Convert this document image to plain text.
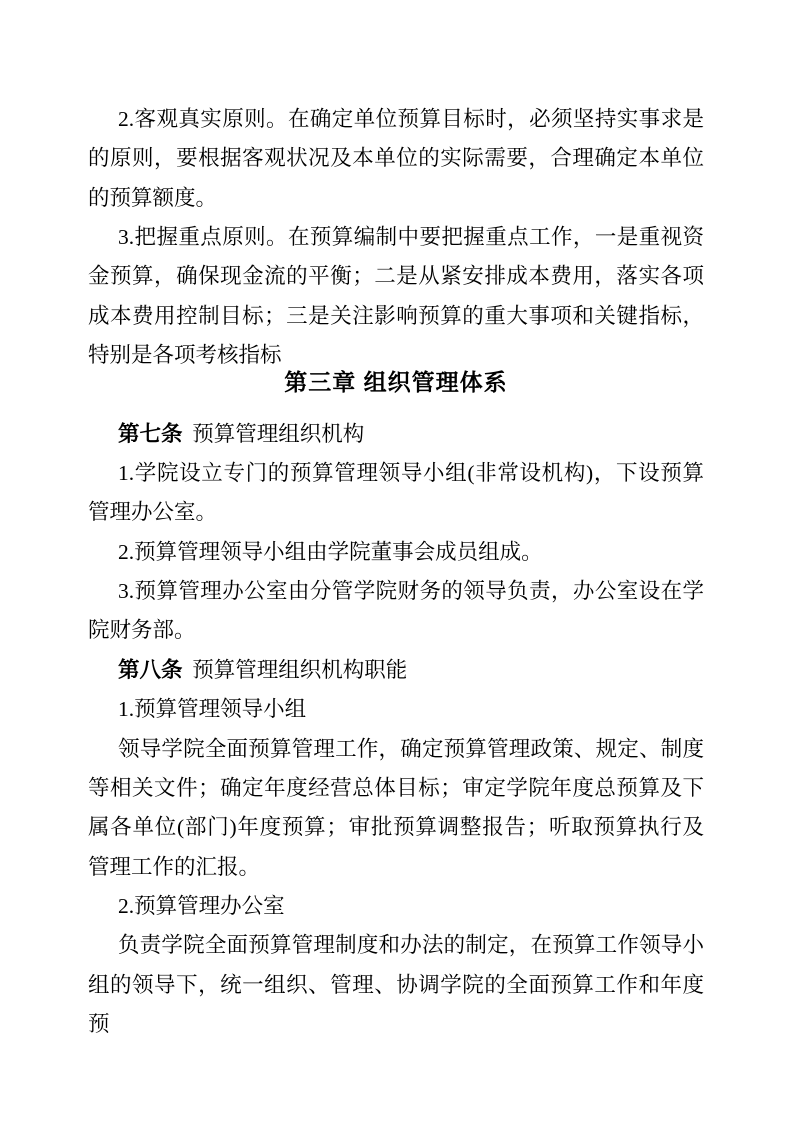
2.客观真实原则。在确定单位预算目标时，必须坚持实事求是的原则，要根据客观状况及本单位的实际需要，合理确定本单位的预算额度。

3.把握重点原则。在预算编制中要把握重点工作，一是重视资金预算，确保现金流的平衡；二是从紧安排成本费用，落实各项成本费用控制目标；三是关注影响预算的重大事项和关键指标，特别是各项考核指标

第三章 组织管理体系

第七条 预算管理组织机构

1.学院设立专门的预算管理领导小组(非常设机构)，下设预算管理办公室。

2.预算管理领导小组由学院董事会成员组成。

3.预算管理办公室由分管学院财务的领导负责，办公室设在学院财务部。

第八条 预算管理组织机构职能

1.预算管理领导小组

领导学院全面预算管理工作，确定预算管理政策、规定、制度等相关文件；确定年度经营总体目标；审定学院年度总预算及下属各单位(部门)年度预算；审批预算调整报告；听取预算执行及管理工作的汇报。

2.预算管理办公室

负责学院全面预算管理制度和办法的制定，在预算工作领导小组的领导下，统一组织、管理、协调学院的全面预算工作和年度预
